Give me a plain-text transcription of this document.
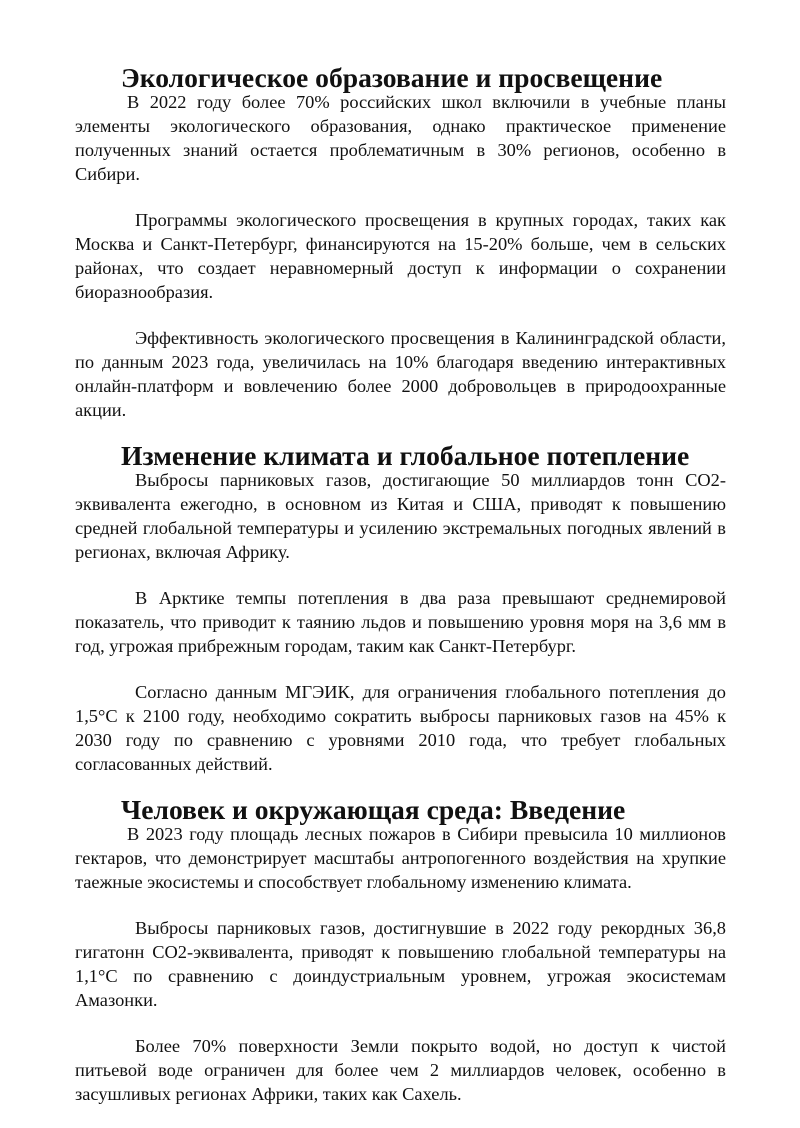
Экологическое образование и просвещение

В 2022 году более 70% российских школ включили в учебные планы элементы экологического образования, однако практическое применение полученных знаний остается проблематичным в 30% регионов, особенно в Сибири.

Программы экологического просвещения в крупных городах, таких как Москва и Санкт-Петербург, финансируются на 15-20% больше, чем в сельских районах, что создает неравномерный доступ к информации о сохранении биоразнообразия.

Эффективность экологического просвещения в Калининградской области, по данным 2023 года, увеличилась на 10% благодаря введению интерактивных онлайн-платформ и вовлечению более 2000 добровольцев в природоохранные акции.

Изменение климата и глобальное потепление

Выбросы парниковых газов, достигающие 50 миллиардов тонн CO2-эквивалента ежегодно, в основном из Китая и США, приводят к повышению средней глобальной температуры и усилению экстремальных погодных явлений в регионах, включая Африку.

В Арктике темпы потепления в два раза превышают среднемировой показатель, что приводит к таянию льдов и повышению уровня моря на 3,6 мм в год, угрожая прибрежным городам, таким как Санкт-Петербург.

Согласно данным МГЭИК, для ограничения глобального потепления до 1,5°C к 2100 году, необходимо сократить выбросы парниковых газов на 45% к 2030 году по сравнению с уровнями 2010 года, что требует глобальных согласованных действий.

Человек и окружающая среда: Введение

В 2023 году площадь лесных пожаров в Сибири превысила 10 миллионов гектаров, что демонстрирует масштабы антропогенного воздействия на хрупкие таежные экосистемы и способствует глобальному изменению климата.

Выбросы парниковых газов, достигнувшие в 2022 году рекордных 36,8 гигатонн CO2-эквивалента, приводят к повышению глобальной температуры на 1,1°C по сравнению с доиндустриальным уровнем, угрожая экосистемам Амазонки.

Более 70% поверхности Земли покрыто водой, но доступ к чистой питьевой воде ограничен для более чем 2 миллиардов человек, особенно в засушливых регионах Африки, таких как Сахель.
